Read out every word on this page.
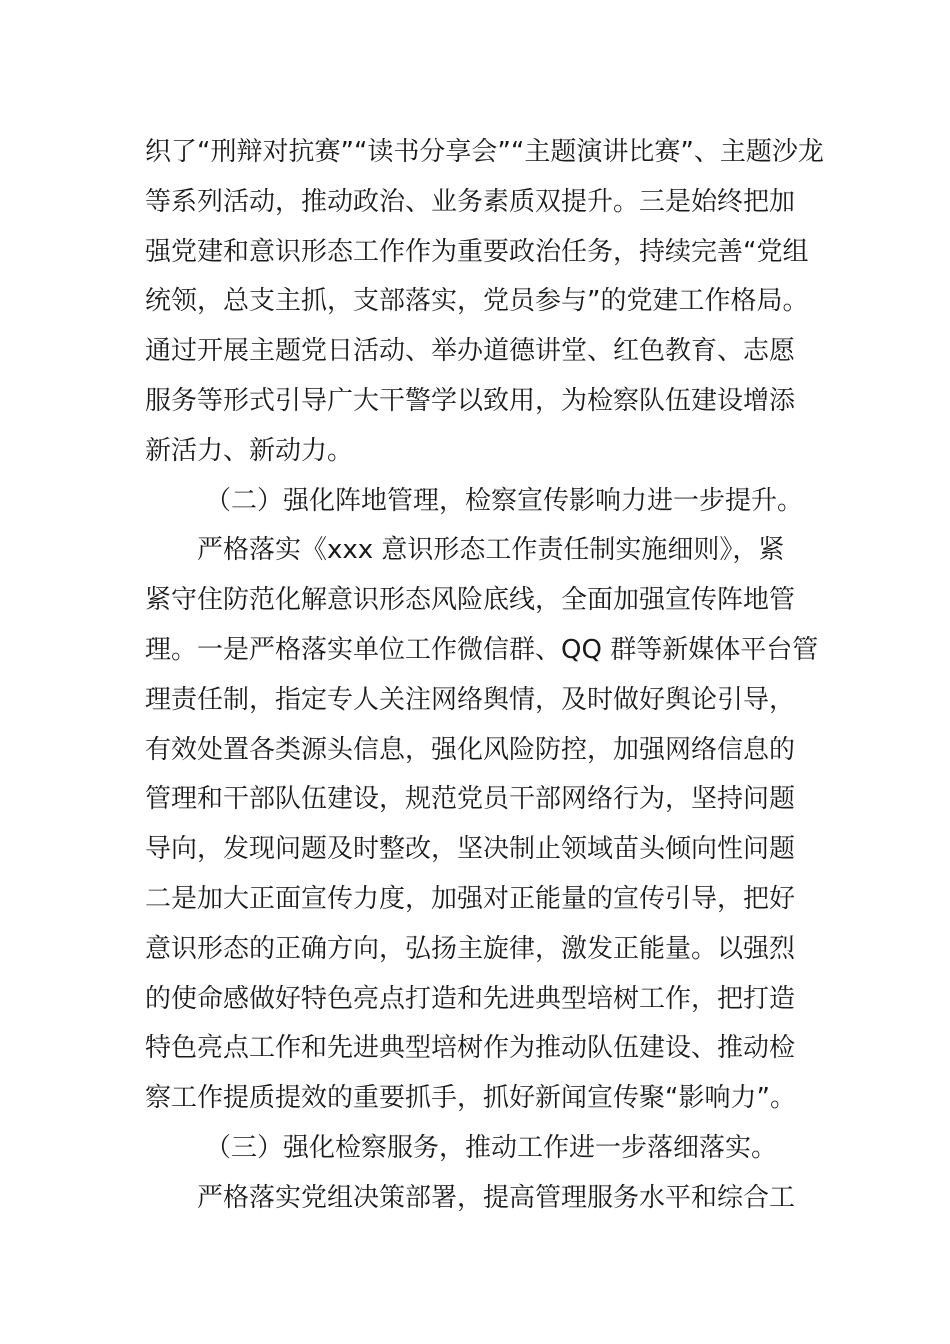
织了“刑辩对抗赛”“读书分享会”“主题演讲比赛”、主题沙龙
等系列活动，推动政治、业务素质双提升。三是始终把加
强党建和意识形态工作作为重要政治任务，持续完善“党组
统领，总支主抓，支部落实，党员参与”的党建工作格局。
通过开展主题党日活动、举办道德讲堂、红色教育、志愿
服务等形式引导广大干警学以致用，为检察队伍建设增添
新活力、新动力。
（二）强化阵地管理，检察宣传影响力进一步提升。
严格落实《xxx 意识形态工作责任制实施细则》，紧
紧守住防范化解意识形态风险底线，全面加强宣传阵地管
理。一是严格落实单位工作微信群、QQ 群等新媒体平台管
理责任制，指定专人关注网络舆情，及时做好舆论引导，
有效处置各类源头信息，强化风险防控，加强网络信息的
管理和干部队伍建设，规范党员干部网络行为，坚持问题
导向，发现问题及时整改，坚决制止领域苗头倾向性问题
二是加大正面宣传力度，加强对正能量的宣传引导，把好
意识形态的正确方向，弘扬主旋律，激发正能量。以强烈
的使命感做好特色亮点打造和先进典型培树工作，把打造
特色亮点工作和先进典型培树作为推动队伍建设、推动检
察工作提质提效的重要抓手，抓好新闻宣传聚“影响力”。
（三）强化检察服务，推动工作进一步落细落实。
严格落实党组决策部署，提高管理服务水平和综合工
